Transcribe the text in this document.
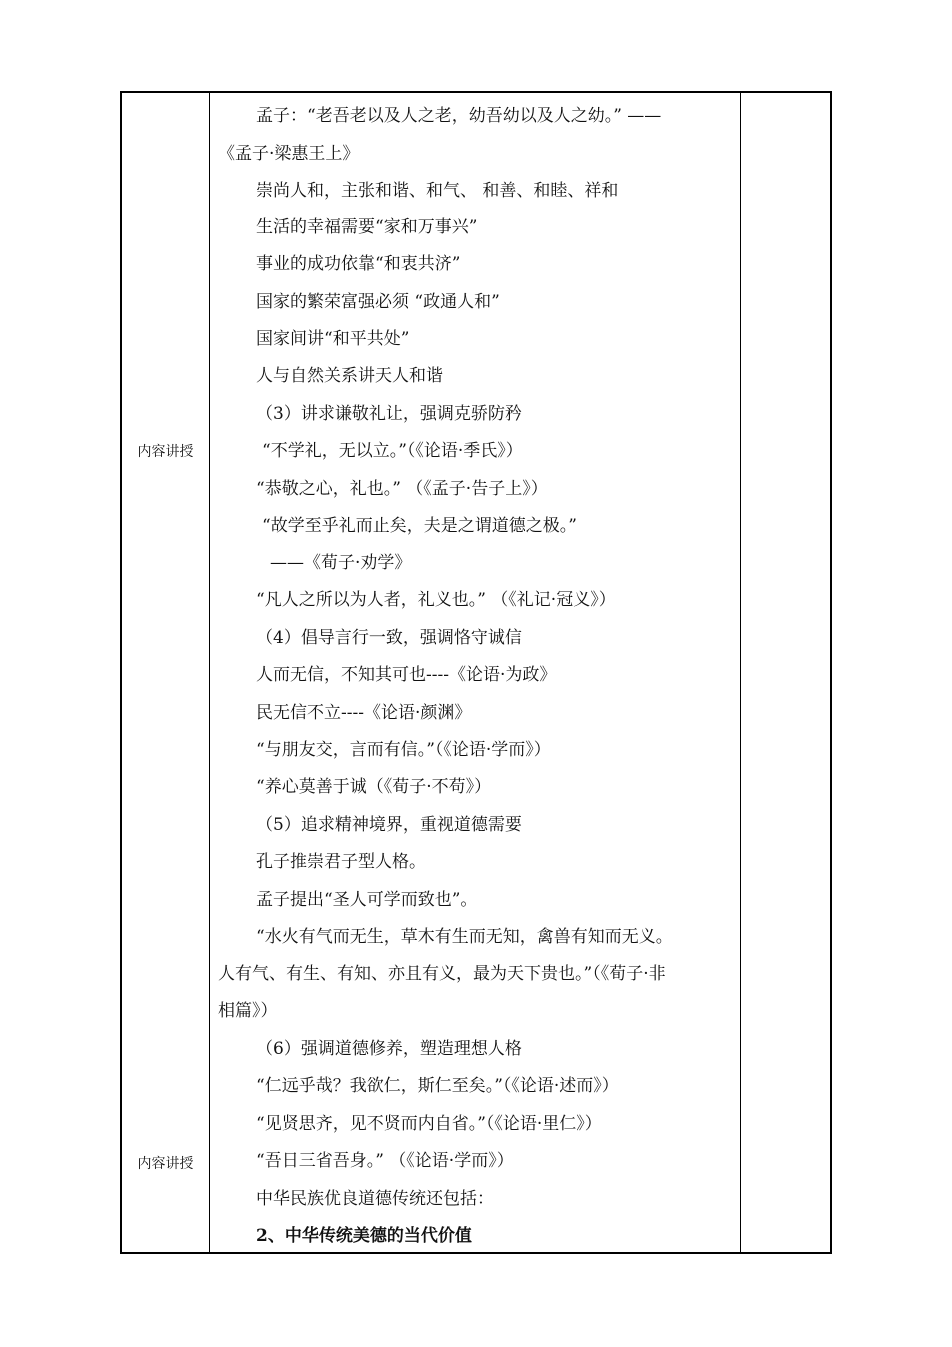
内容讲授
内容讲授
孟子：“老吾老以及人之老，幼吾幼以及人之幼。” ——
《孟子·梁惠王上》
崇尚人和，主张和谐、和气、 和善、和睦、祥和
生活的幸福需要“家和万事兴”
事业的成功依靠“和衷共济”
国家的繁荣富强必须 “政通人和”
国家间讲“和平共处”
人与自然关系讲天人和谐
（3）讲求谦敬礼让，强调克骄防矜
“不学礼，无以立。”（《论语·季氏》）
“恭敬之心，礼也。” （《孟子·告子上》）
“故学至乎礼而止矣，夫是之谓道德之极。”
——《荀子·劝学》
“凡人之所以为人者，礼义也。” （《礼记·冠义》）
（4）倡导言行一致，强调恪守诚信
人而无信，不知其可也----《论语·为政》
民无信不立----《论语·颜渊》
“与朋友交，言而有信。”（《论语·学而》）
“养心莫善于诚（《荀子·不苟》）
（5）追求精神境界，重视道德需要
孔子推崇君子型人格。
孟子提出“圣人可学而致也”。
“水火有气而无生，草木有生而无知，禽兽有知而无义。
人有气、有生、有知、亦且有义，最为天下贵也。”（《荀子·非
相篇》）
（6）强调道德修养，塑造理想人格
“仁远乎哉？我欲仁，斯仁至矣。”（《论语·述而》）
“见贤思齐，见不贤而内自省。”（《论语·里仁》）
“吾日三省吾身。” （《论语·学而》）
中华民族优良道德传统还包括：
2、中华传统美德的当代价值
